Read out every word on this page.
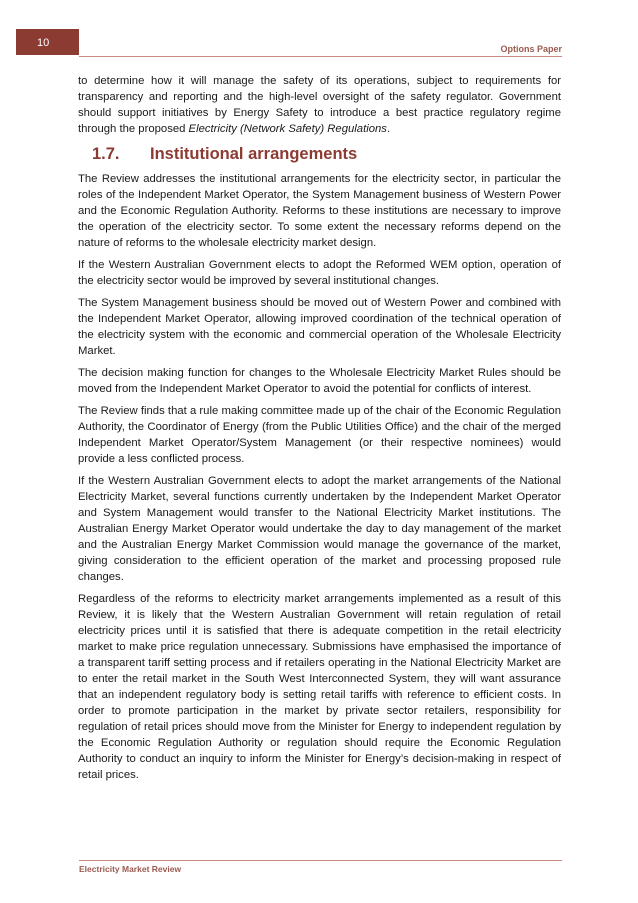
10	Options Paper

to determine how it will manage the safety of its operations, subject to requirements for transparency and reporting and the high-level oversight of the safety regulator. Government should support initiatives by Energy Safety to introduce a best practice regulatory regime through the proposed Electricity (Network Safety) Regulations.

1.7. Institutional arrangements

The Review addresses the institutional arrangements for the electricity sector, in particular the roles of the Independent Market Operator, the System Management business of Western Power and the Economic Regulation Authority. Reforms to these institutions are necessary to improve the operation of the electricity sector. To some extent the necessary reforms depend on the nature of reforms to the wholesale electricity market design.

If the Western Australian Government elects to adopt the Reformed WEM option, operation of the electricity sector would be improved by several institutional changes.

The System Management business should be moved out of Western Power and combined with the Independent Market Operator, allowing improved coordination of the technical operation of the electricity system with the economic and commercial operation of the Wholesale Electricity Market.

The decision making function for changes to the Wholesale Electricity Market Rules should be moved from the Independent Market Operator to avoid the potential for conflicts of interest.

The Review finds that a rule making committee made up of the chair of the Economic Regulation Authority, the Coordinator of Energy (from the Public Utilities Office) and the chair of the merged Independent Market Operator/System Management (or their respective nominees) would provide a less conflicted process.

If the Western Australian Government elects to adopt the market arrangements of the National Electricity Market, several functions currently undertaken by the Independent Market Operator and System Management would transfer to the National Electricity Market institutions. The Australian Energy Market Operator would undertake the day to day management of the market and the Australian Energy Market Commission would manage the governance of the market, giving consideration to the efficient operation of the market and processing proposed rule changes.

Regardless of the reforms to electricity market arrangements implemented as a result of this Review, it is likely that the Western Australian Government will retain regulation of retail electricity prices until it is satisfied that there is adequate competition in the retail electricity market to make price regulation unnecessary. Submissions have emphasised the importance of a transparent tariff setting process and if retailers operating in the National Electricity Market are to enter the retail market in the South West Interconnected System, they will want assurance that an independent regulatory body is setting retail tariffs with reference to efficient costs. In order to promote participation in the market by private sector retailers, responsibility for regulation of retail prices should move from the Minister for Energy to independent regulation by the Economic Regulation Authority or regulation should require the Economic Regulation Authority to conduct an inquiry to inform the Minister for Energy’s decision-making in respect of retail prices.

Electricity Market Review
